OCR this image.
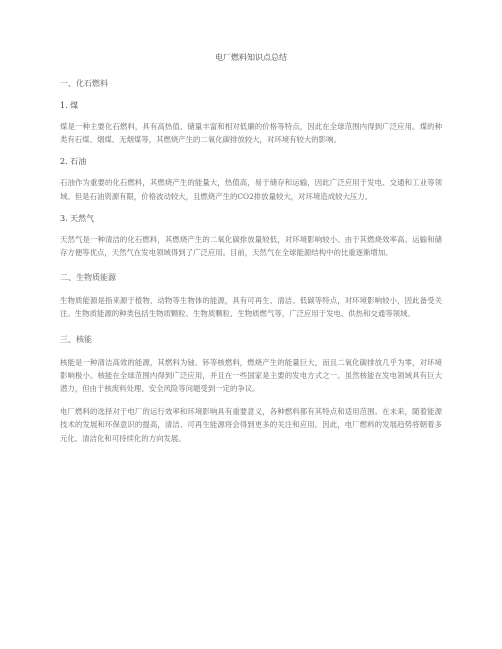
电厂燃料知识点总结
一、化石燃料
1. 煤
煤是一种主要化石燃料，具有高热值、储量丰富和相对低廉的价格等特点，因此在全球范围内得到广泛应用。煤的种类有石煤、烟煤、无烟煤等，其燃烧产生的二氧化碳排放较大，对环境有较大的影响。
2. 石油
石油作为重要的化石燃料，其燃烧产生的能量大，热值高，易于储存和运输，因此广泛应用于发电、交通和工业等领域。但是石油资源有限，价格波动较大，且燃烧产生的CO2排放量较大，对环境造成较大压力。
3. 天然气
天然气是一种清洁的化石燃料，其燃烧产生的二氧化碳排放量较低，对环境影响较小。由于其燃烧效率高、运输和储存方便等优点，天然气在发电领域得到了广泛应用。目前，天然气在全球能源结构中的比重逐渐增加。
二、生物质能源
生物质能源是指来源于植物、动物等生物体的能源，具有可再生、清洁、低碳等特点，对环境影响较小，因此备受关注。生物质能源的种类包括生物质颗粒、生物质颗粒、生物质燃气等，广泛应用于发电、供热和交通等领域。
三、核能
核能是一种清洁高效的能源，其燃料为铀、钚等核燃料，燃烧产生的能量巨大，而且二氧化碳排放几乎为零，对环境影响极小。核能在全球范围内得到广泛应用，并且在一些国家是主要的发电方式之一。虽然核能在发电领域具有巨大潜力，但由于核废料处理、安全风险等问题受到一定的争议。
电厂燃料的选择对于电厂的运行效率和环境影响具有重要意义，各种燃料都有其特点和适用范围。在未来，随着能源技术的发展和环保意识的提高，清洁、可再生能源将会得到更多的关注和应用。因此，电厂燃料的发展趋势将朝着多元化、清洁化和可持续化的方向发展。
